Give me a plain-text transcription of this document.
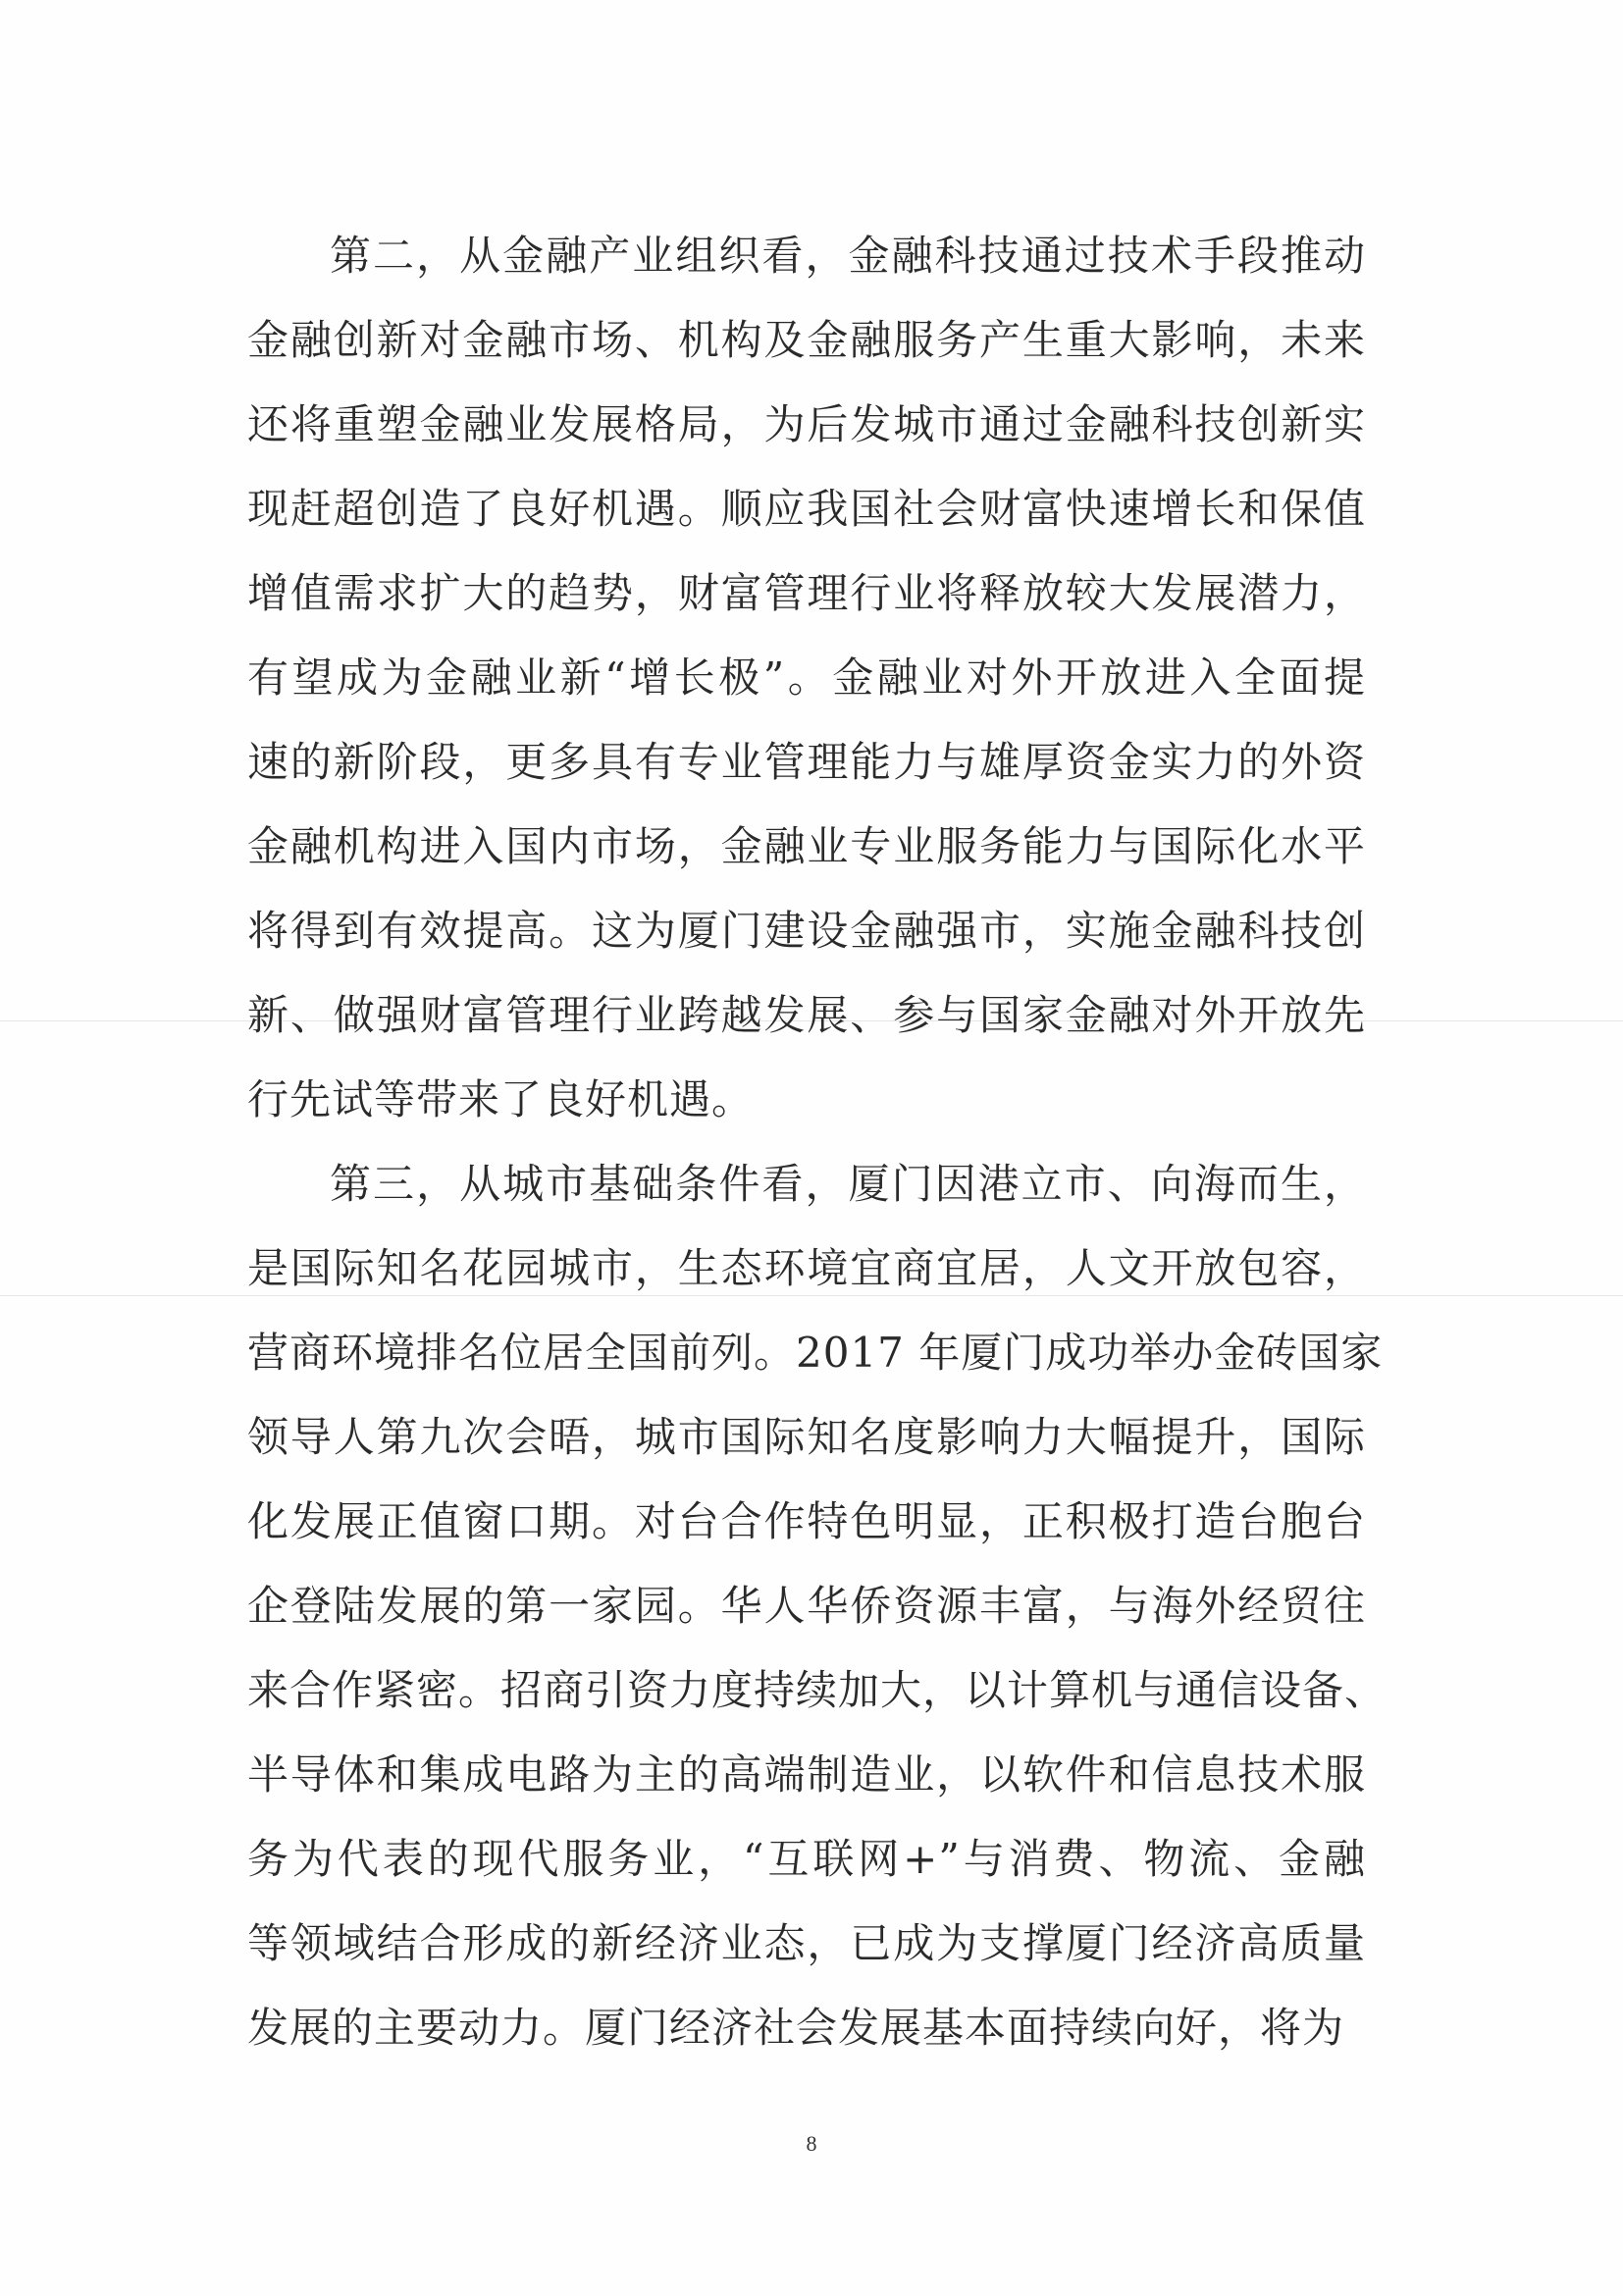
第二，从金融产业组织看，金融科技通过技术手段推动
金融创新对金融市场、机构及金融服务产生重大影响，未来
还将重塑金融业发展格局，为后发城市通过金融科技创新实
现赶超创造了良好机遇。顺应我国社会财富快速增长和保值
增值需求扩大的趋势，财富管理行业将释放较大发展潜力，
有望成为金融业新“增长极”。金融业对外开放进入全面提
速的新阶段，更多具有专业管理能力与雄厚资金实力的外资
金融机构进入国内市场，金融业专业服务能力与国际化水平
将得到有效提高。这为厦门建设金融强市，实施金融科技创
新、做强财富管理行业跨越发展、参与国家金融对外开放先
行先试等带来了良好机遇。
第三，从城市基础条件看，厦门因港立市、向海而生，
是国际知名花园城市，生态环境宜商宜居，人文开放包容，
营商环境排名位居全国前列。2017 年厦门成功举办金砖国家
领导人第九次会晤，城市国际知名度影响力大幅提升，国际
化发展正值窗口期。对台合作特色明显，正积极打造台胞台
企登陆发展的第一家园。华人华侨资源丰富，与海外经贸往
来合作紧密。招商引资力度持续加大，以计算机与通信设备、
半导体和集成电路为主的高端制造业，以软件和信息技术服
务为代表的现代服务业，“互联网+”与消费、物流、金融
等领域结合形成的新经济业态，已成为支撑厦门经济高质量
发展的主要动力。厦门经济社会发展基本面持续向好，将为
8
